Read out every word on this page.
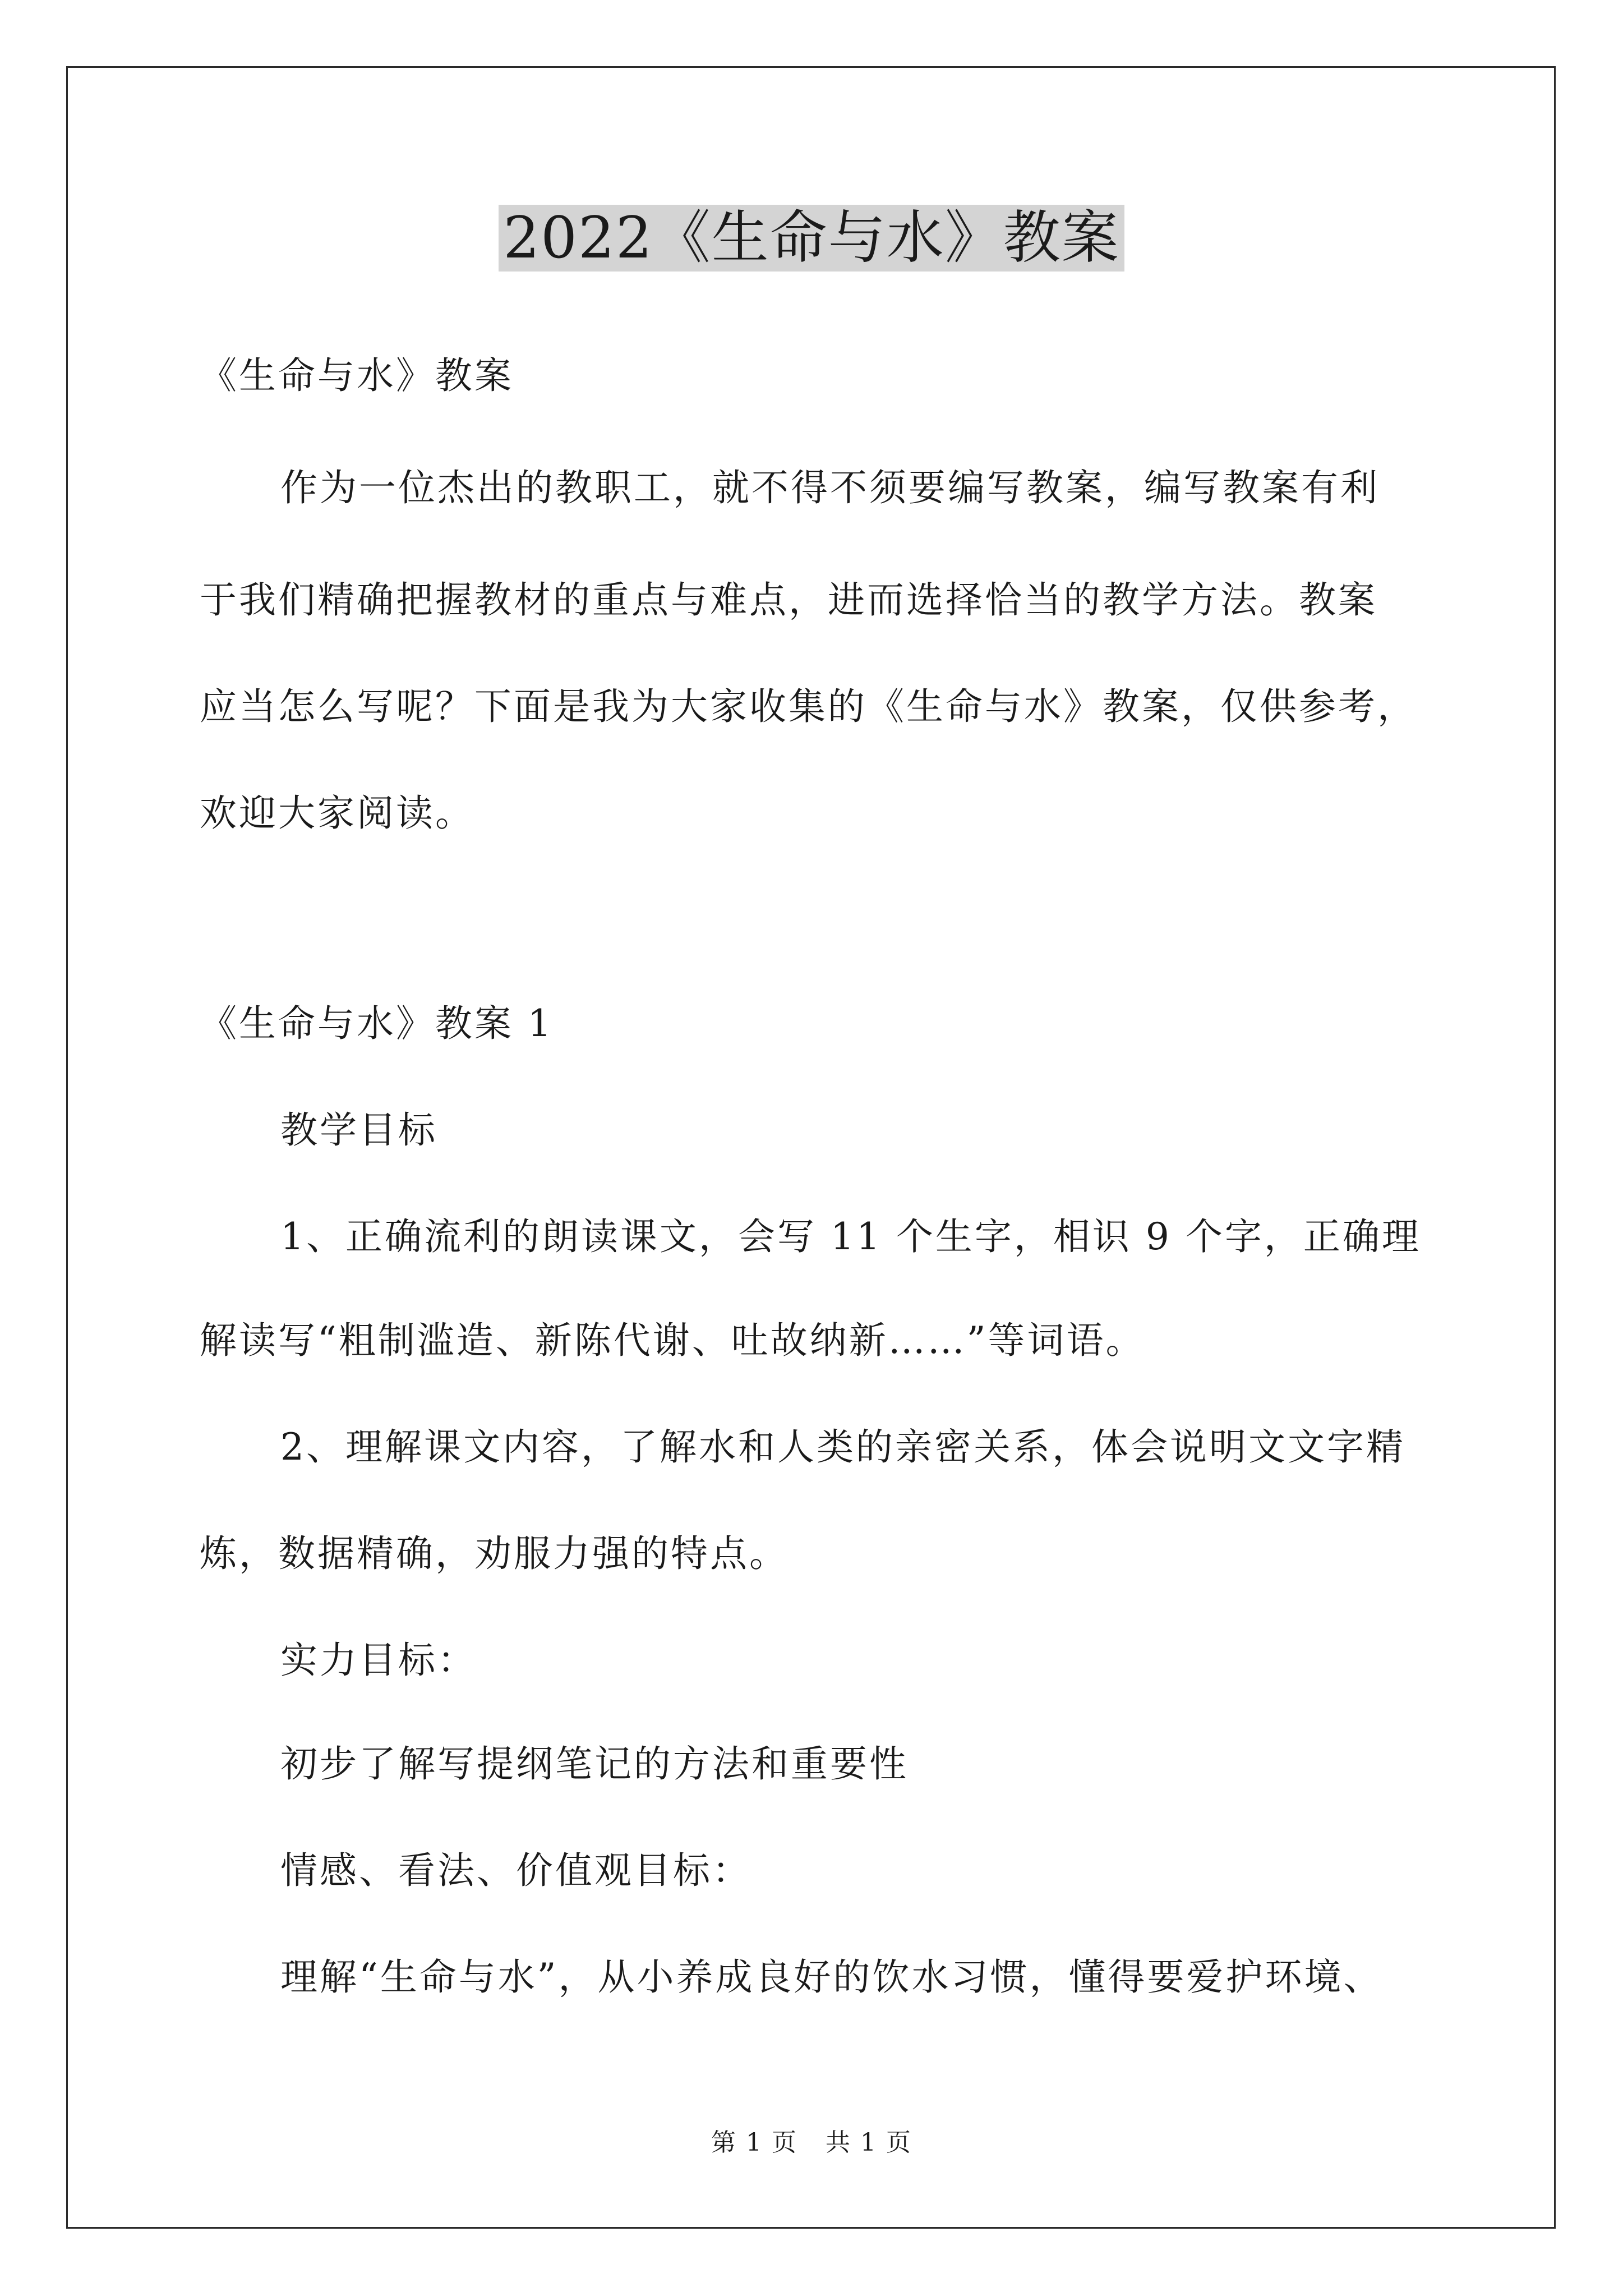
2022《生命与水》教案
《生命与水》教案
作为一位杰出的教职工，就不得不须要编写教案，编写教案有利
于我们精确把握教材的重点与难点，进而选择恰当的教学方法。教案
应当怎么写呢？下面是我为大家收集的《生命与水》教案，仅供参考，
欢迎大家阅读。
《生命与水》教案 1
教学目标
1、正确流利的朗读课文，会写 11 个生字，相识 9 个字，正确理
解读写“粗制滥造、新陈代谢、吐故纳新……”等词语。
2、理解课文内容，了解水和人类的亲密关系，体会说明文文字精
炼，数据精确，劝服力强的特点。
实力目标：
初步了解写提纲笔记的方法和重要性
情感、看法、价值观目标：
理解“生命与水”，从小养成良好的饮水习惯，懂得要爱护环境、
第 1 页 共 1 页
